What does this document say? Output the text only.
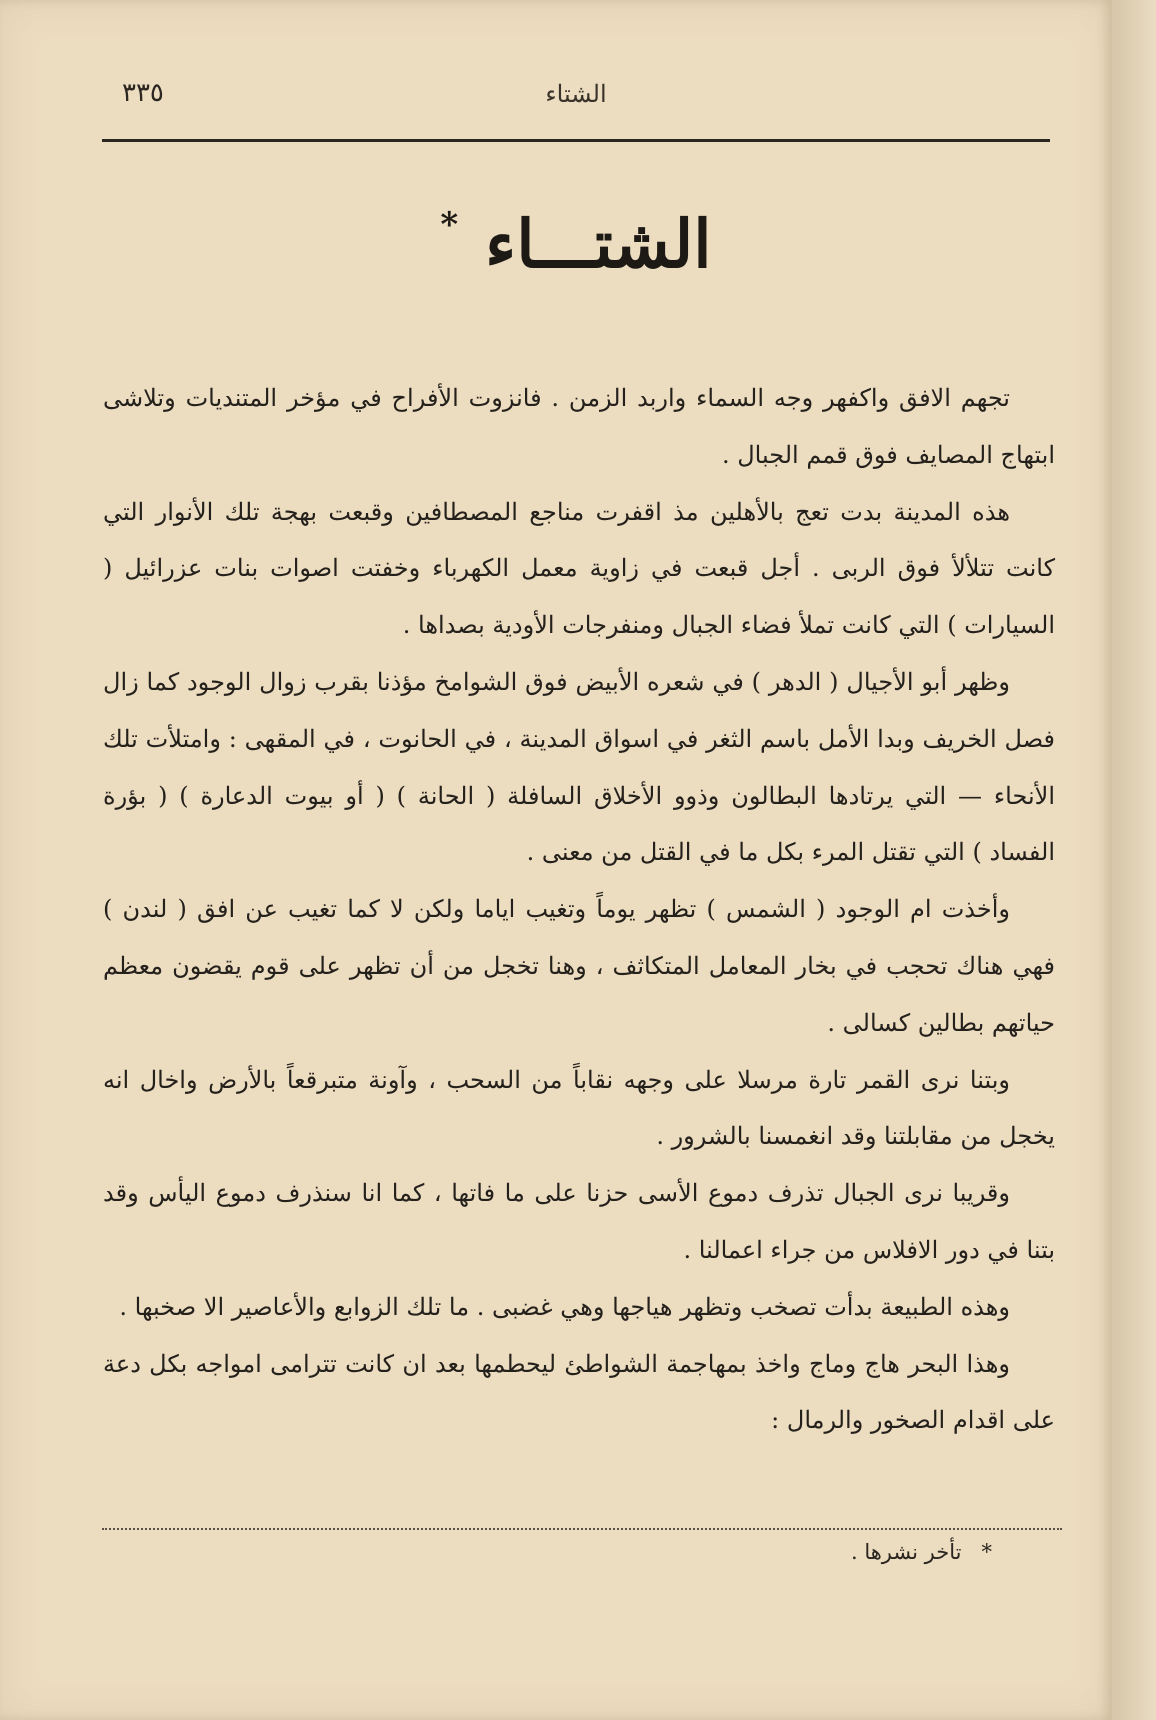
الشتاء
٣٣٥
الشتـــاء *

تجهم الافق واكفهر وجه السماء واربد الزمن . فانزوت الأفراح في مؤخر المتنديات وتلاشى ابتهاج المصايف فوق قمم الجبال .

هذه المدينة بدت تعج بالأهلين مذ اقفرت مناجع المصطافين وقبعت بهجة تلك الأنوار التي كانت تتلألأ فوق الربى . أجل قبعت في زاوية معمل الكهرباء وخفتت اصوات بنات عزرائيل ( السيارات ) التي كانت تملأ فضاء الجبال ومنفرجات الأودية بصداها .

وظهر أبو الأجيال ( الدهر ) في شعره الأبيض فوق الشوامخ مؤذنا بقرب زوال الوجود كما زال فصل الخريف وبدا الأمل باسم الثغر في اسواق المدينة ، في الحانوت ، في المقهى : وامتلأت تلك الأنحاء — التي يرتادها البطالون وذوو الأخلاق السافلة ( الحانة ) ( أو بيوت الدعارة ) ( بؤرة الفساد ) التي تقتل المرء بكل ما في القتل من معنى .

وأخذت ام الوجود ( الشمس ) تظهر يوماً وتغيب اياما ولكن لا كما تغيب عن افق ( لندن ) فهي هناك تحجب في بخار المعامل المتكاثف ، وهنا تخجل من أن تظهر على قوم يقضون معظم حياتهم بطالين كسالى .

وبتنا نرى القمر تارة مرسلا على وجهه نقاباً من السحب ، وآونة متبرقعاً بالأرض واخال انه يخجل من مقابلتنا وقد انغمسنا بالشرور .

وقريبا نرى الجبال تذرف دموع الأسى حزنا على ما فاتها ، كما انا سنذرف دموع اليأس وقد بتنا في دور الافلاس من جراء اعمالنا .

وهذه الطبيعة بدأت تصخب وتظهر هياجها وهي غضبى . ما تلك الزوابع والأعاصير الا صخبها .

وهذا البحر هاج وماج واخذ بمهاجمة الشواطئ ليحطمها بعد ان كانت تترامى امواجه بكل دعة على اقدام الصخور والرمال :

*   تأخر نشرها .
